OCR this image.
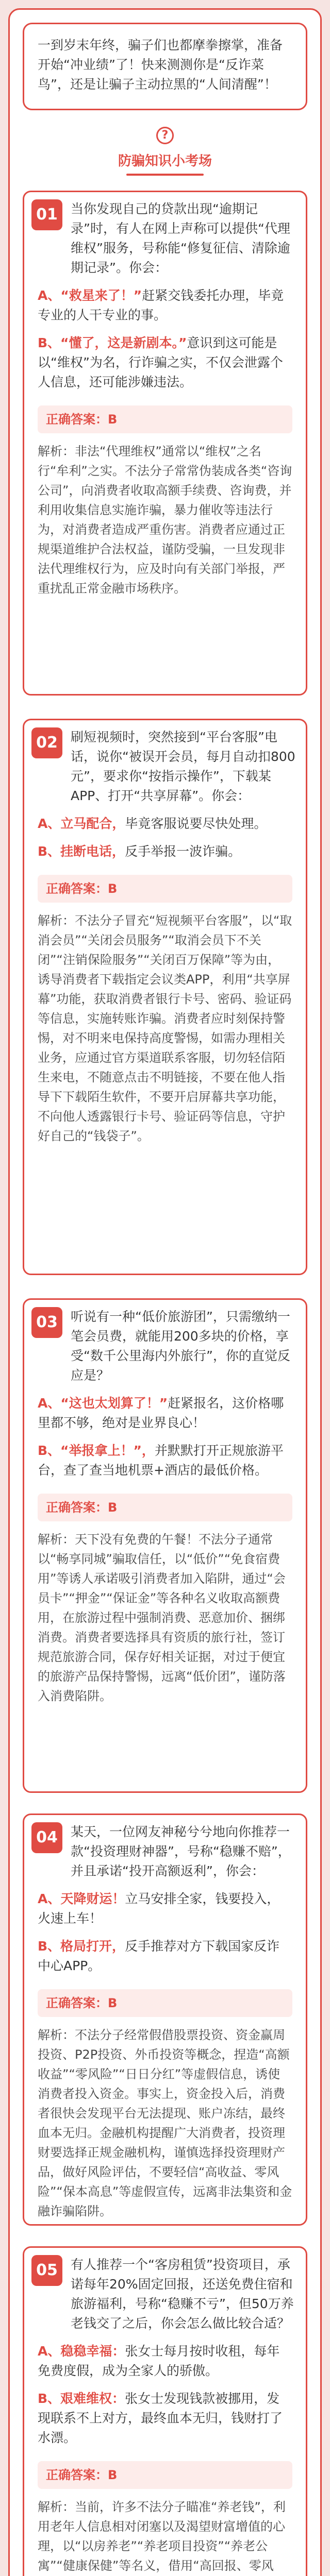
一到岁末年终，骗子们也都摩拳擦掌，准备开始“冲业绩”了！快来测测你是“反诈菜鸟”，还是让骗子主动拉黑的“人间清醒”！
?
防骗知识小考场
01	当你发现自己的贷款出现“逾期记录”时，有人在网上声称可以提供“代理维权”服务，号称能“修复征信、清除逾期记录”。你会：
A、“救星来了！”赶紧交钱委托办理，毕竟专业的人干专业的事。
B、“懂了，这是新剧本。”意识到这可能是以“维权”为名，行诈骗之实，不仅会泄露个人信息，还可能涉嫌违法。
正确答案：B
解析：非法“代理维权”通常以“维权”之名行“牟利”之实。不法分子常常伪装成各类“咨询公司”，向消费者收取高额手续费、咨询费，并利用收集信息实施诈骗，暴力催收等违法行为，对消费者造成严重伤害。消费者应通过正规渠道维护合法权益，谨防受骗，一旦发现非法代理维权行为，应及时向有关部门举报，严重扰乱正常金融市场秩序。
02	刷短视频时，突然接到“平台客服”电话，说你“被误开会员，每月自动扣800元”，要求你“按指示操作”，下载某APP、打开“共享屏幕”。你会：
A、立马配合，毕竟客服说要尽快处理。
B、挂断电话，反手举报一波诈骗。
正确答案：B
解析：不法分子冒充“短视频平台客服”，以“取消会员”“关闭会员服务”“取消会员下不关闭”“注销保险服务”“关闭百万保障”等为由，诱导消费者下载指定会议类APP，利用“共享屏幕”功能，获取消费者银行卡号、密码、验证码等信息，实施转账诈骗。消费者应时刻保持警惕，对不明来电保持高度警惕，如需办理相关业务，应通过官方渠道联系客服，切勿轻信陌生来电，不随意点击不明链接，不要在他人指导下下载陌生软件，不要开启屏幕共享功能，不向他人透露银行卡号、验证码等信息，守护好自己的“钱袋子”。
03	听说有一种“低价旅游团”，只需缴纳一笔会员费，就能用200多块的价格，享受“数千公里海内外旅行”，你的直觉反应是？
A、“这也太划算了！”赶紧报名，这价格哪里都不够，绝对是业界良心！
B、“举报拿上！”，并默默打开正规旅游平台，查了查当地机票+酒店的最低价格。
正确答案：B
解析：天下没有免费的午餐！不法分子通常以“畅享同城”骗取信任，以“低价”“免食宿费用”等诱人承诺吸引消费者加入陷阱，通过“会员卡”“押金”“保证金”等各种名义收取高额费用，在旅游过程中强制消费、恶意加价、捆绑消费。消费者要选择具有资质的旅行社，签订规范旅游合同，保存好相关证据，对过于便宜的旅游产品保持警惕，远离“低价团”，谨防落入消费陷阱。
04	某天，一位网友神秘兮兮地向你推荐一款“投资理财神器”，号称“稳赚不赔”，并且承诺“投开高额返利”，你会：
A、天降财运！立马安排全家，钱要投入，火速上车！
B、格局打开，反手推荐对方下载国家反诈中心APP。
正确答案：B
解析：不法分子经常假借股票投资、资金赢周投资、P2P投资、外币投资等概念，捏造“高额收益”“零风险”“日日分红”等虚假信息，诱使消费者投入资金。事实上，资金投入后，消费者很快会发现平台无法提现、账户冻结，最终血本无归。金融机构提醒广大消费者，投资理财要选择正规金融机构，谨慎选择投资理财产品，做好风险评估，不要轻信“高收益、零风险”“保本高息”等虚假宣传，远离非法集资和金融诈骗陷阱。
05	有人推荐一个“客房租赁”投资项目，承诺每年20%固定回报，还送免费住宿和旅游福利，号称“稳赚不亏”，但50万养老钱交了之后，你会怎么做比较合适？
A、稳稳幸福：张女士每月按时收租，每年免费度假，成为全家人的骄傲。
B、艰难维权：张女士发现钱款被挪用，发现联系不上对方，最终血本无归，钱财打了水漂。
正确答案：B
解析：当前，许多不法分子瞄准“养老钱”，利用老年人信息相对闭塞以及渴望财富增值的心理，以“以房养老”“养老项目投资”“养老公寓”“健康保健”等名义，借用“高回报、零风
